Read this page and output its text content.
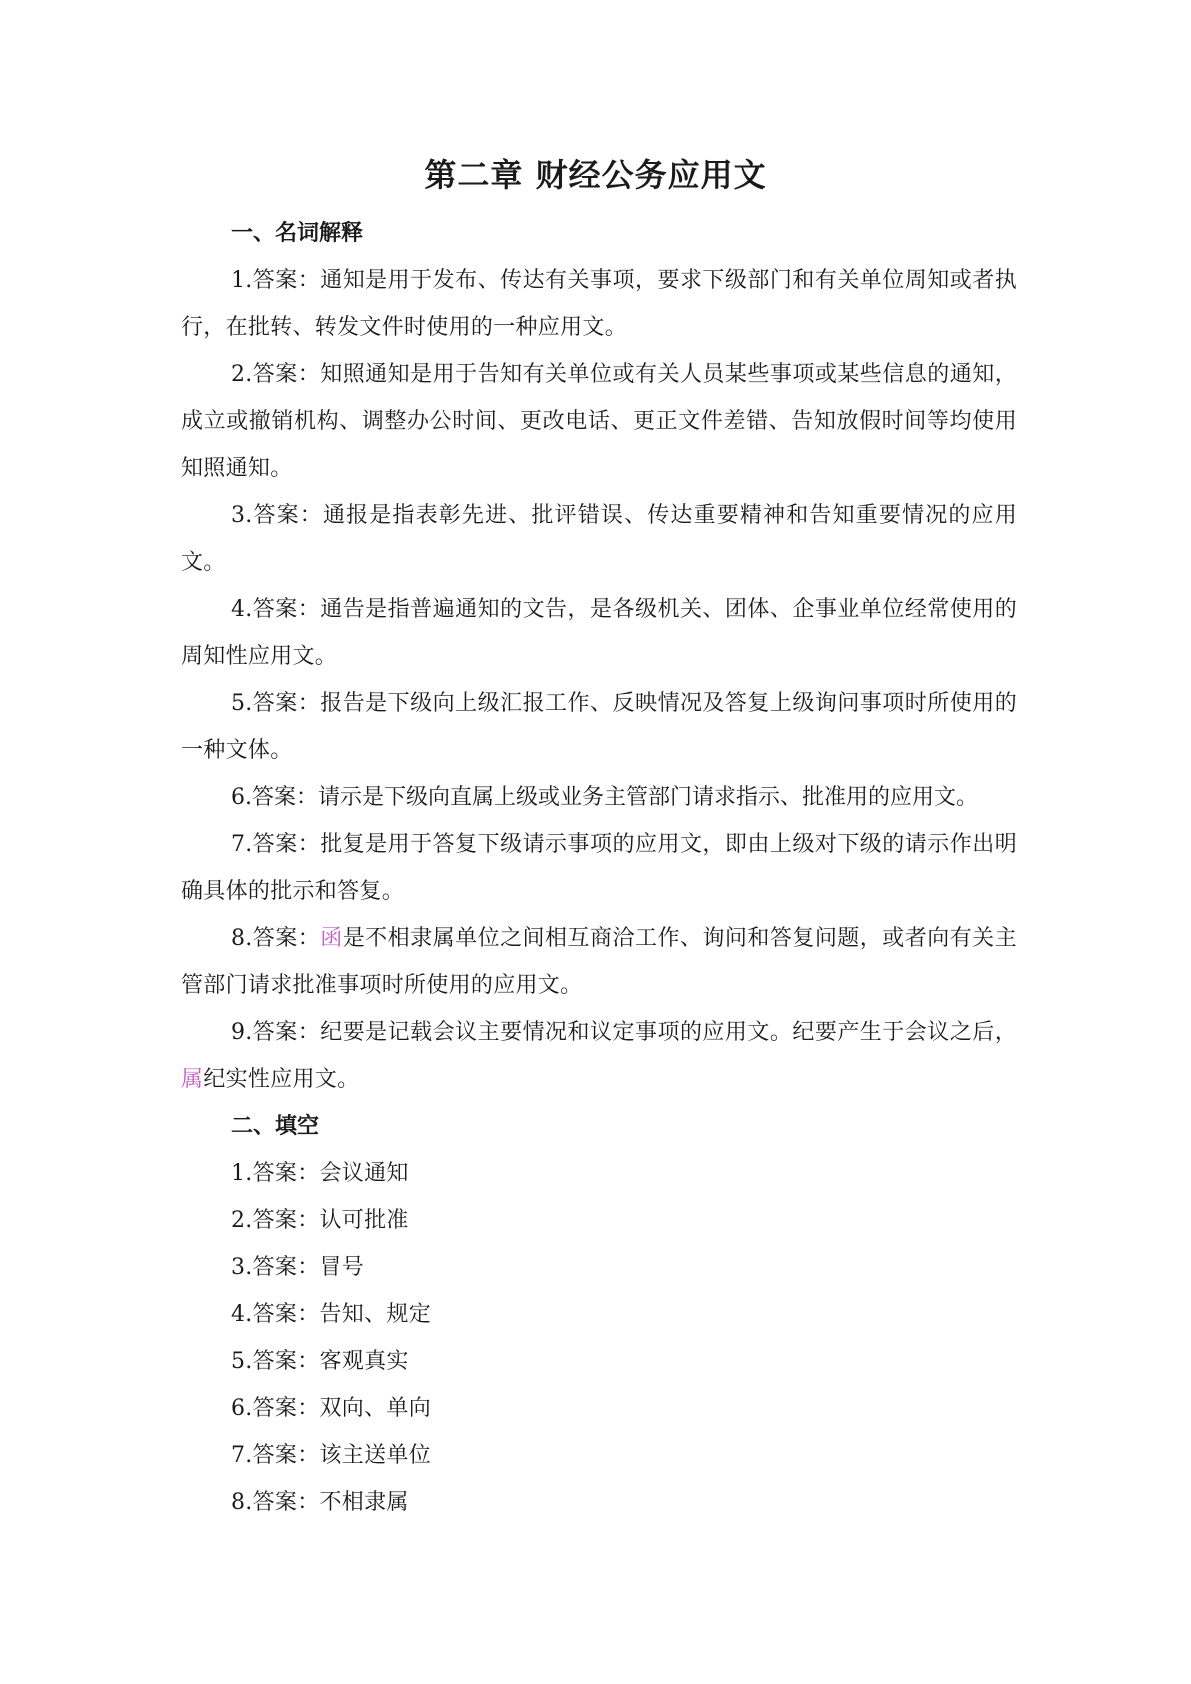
第二章 财经公务应用文

一、名词解释

1.答案：通知是用于发布、传达有关事项，要求下级部门和有关单位周知或者执行，在批转、转发文件时使用的一种应用文。

2.答案：知照通知是用于告知有关单位或有关人员某些事项或某些信息的通知，成立或撤销机构、调整办公时间、更改电话、更正文件差错、告知放假时间等均使用知照通知。

3.答案：通报是指表彰先进、批评错误、传达重要精神和告知重要情况的应用文。

4.答案：通告是指普遍通知的文告，是各级机关、团体、企事业单位经常使用的周知性应用文。

5.答案：报告是下级向上级汇报工作、反映情况及答复上级询问事项时所使用的一种文体。

6.答案：请示是下级向直属上级或业务主管部门请求指示、批准用的应用文。

7.答案：批复是用于答复下级请示事项的应用文，即由上级对下级的请示作出明确具体的批示和答复。

8.答案：函是不相隶属单位之间相互商洽工作、询问和答复问题，或者向有关主管部门请求批准事项时所使用的应用文。

9.答案：纪要是记载会议主要情况和议定事项的应用文。纪要产生于会议之后，属纪实性应用文。

二、填空

1.答案：会议通知

2.答案：认可批准

3.答案：冒号

4.答案：告知、规定

5.答案：客观真实

6.答案：双向、单向

7.答案：该主送单位

8.答案：不相隶属
